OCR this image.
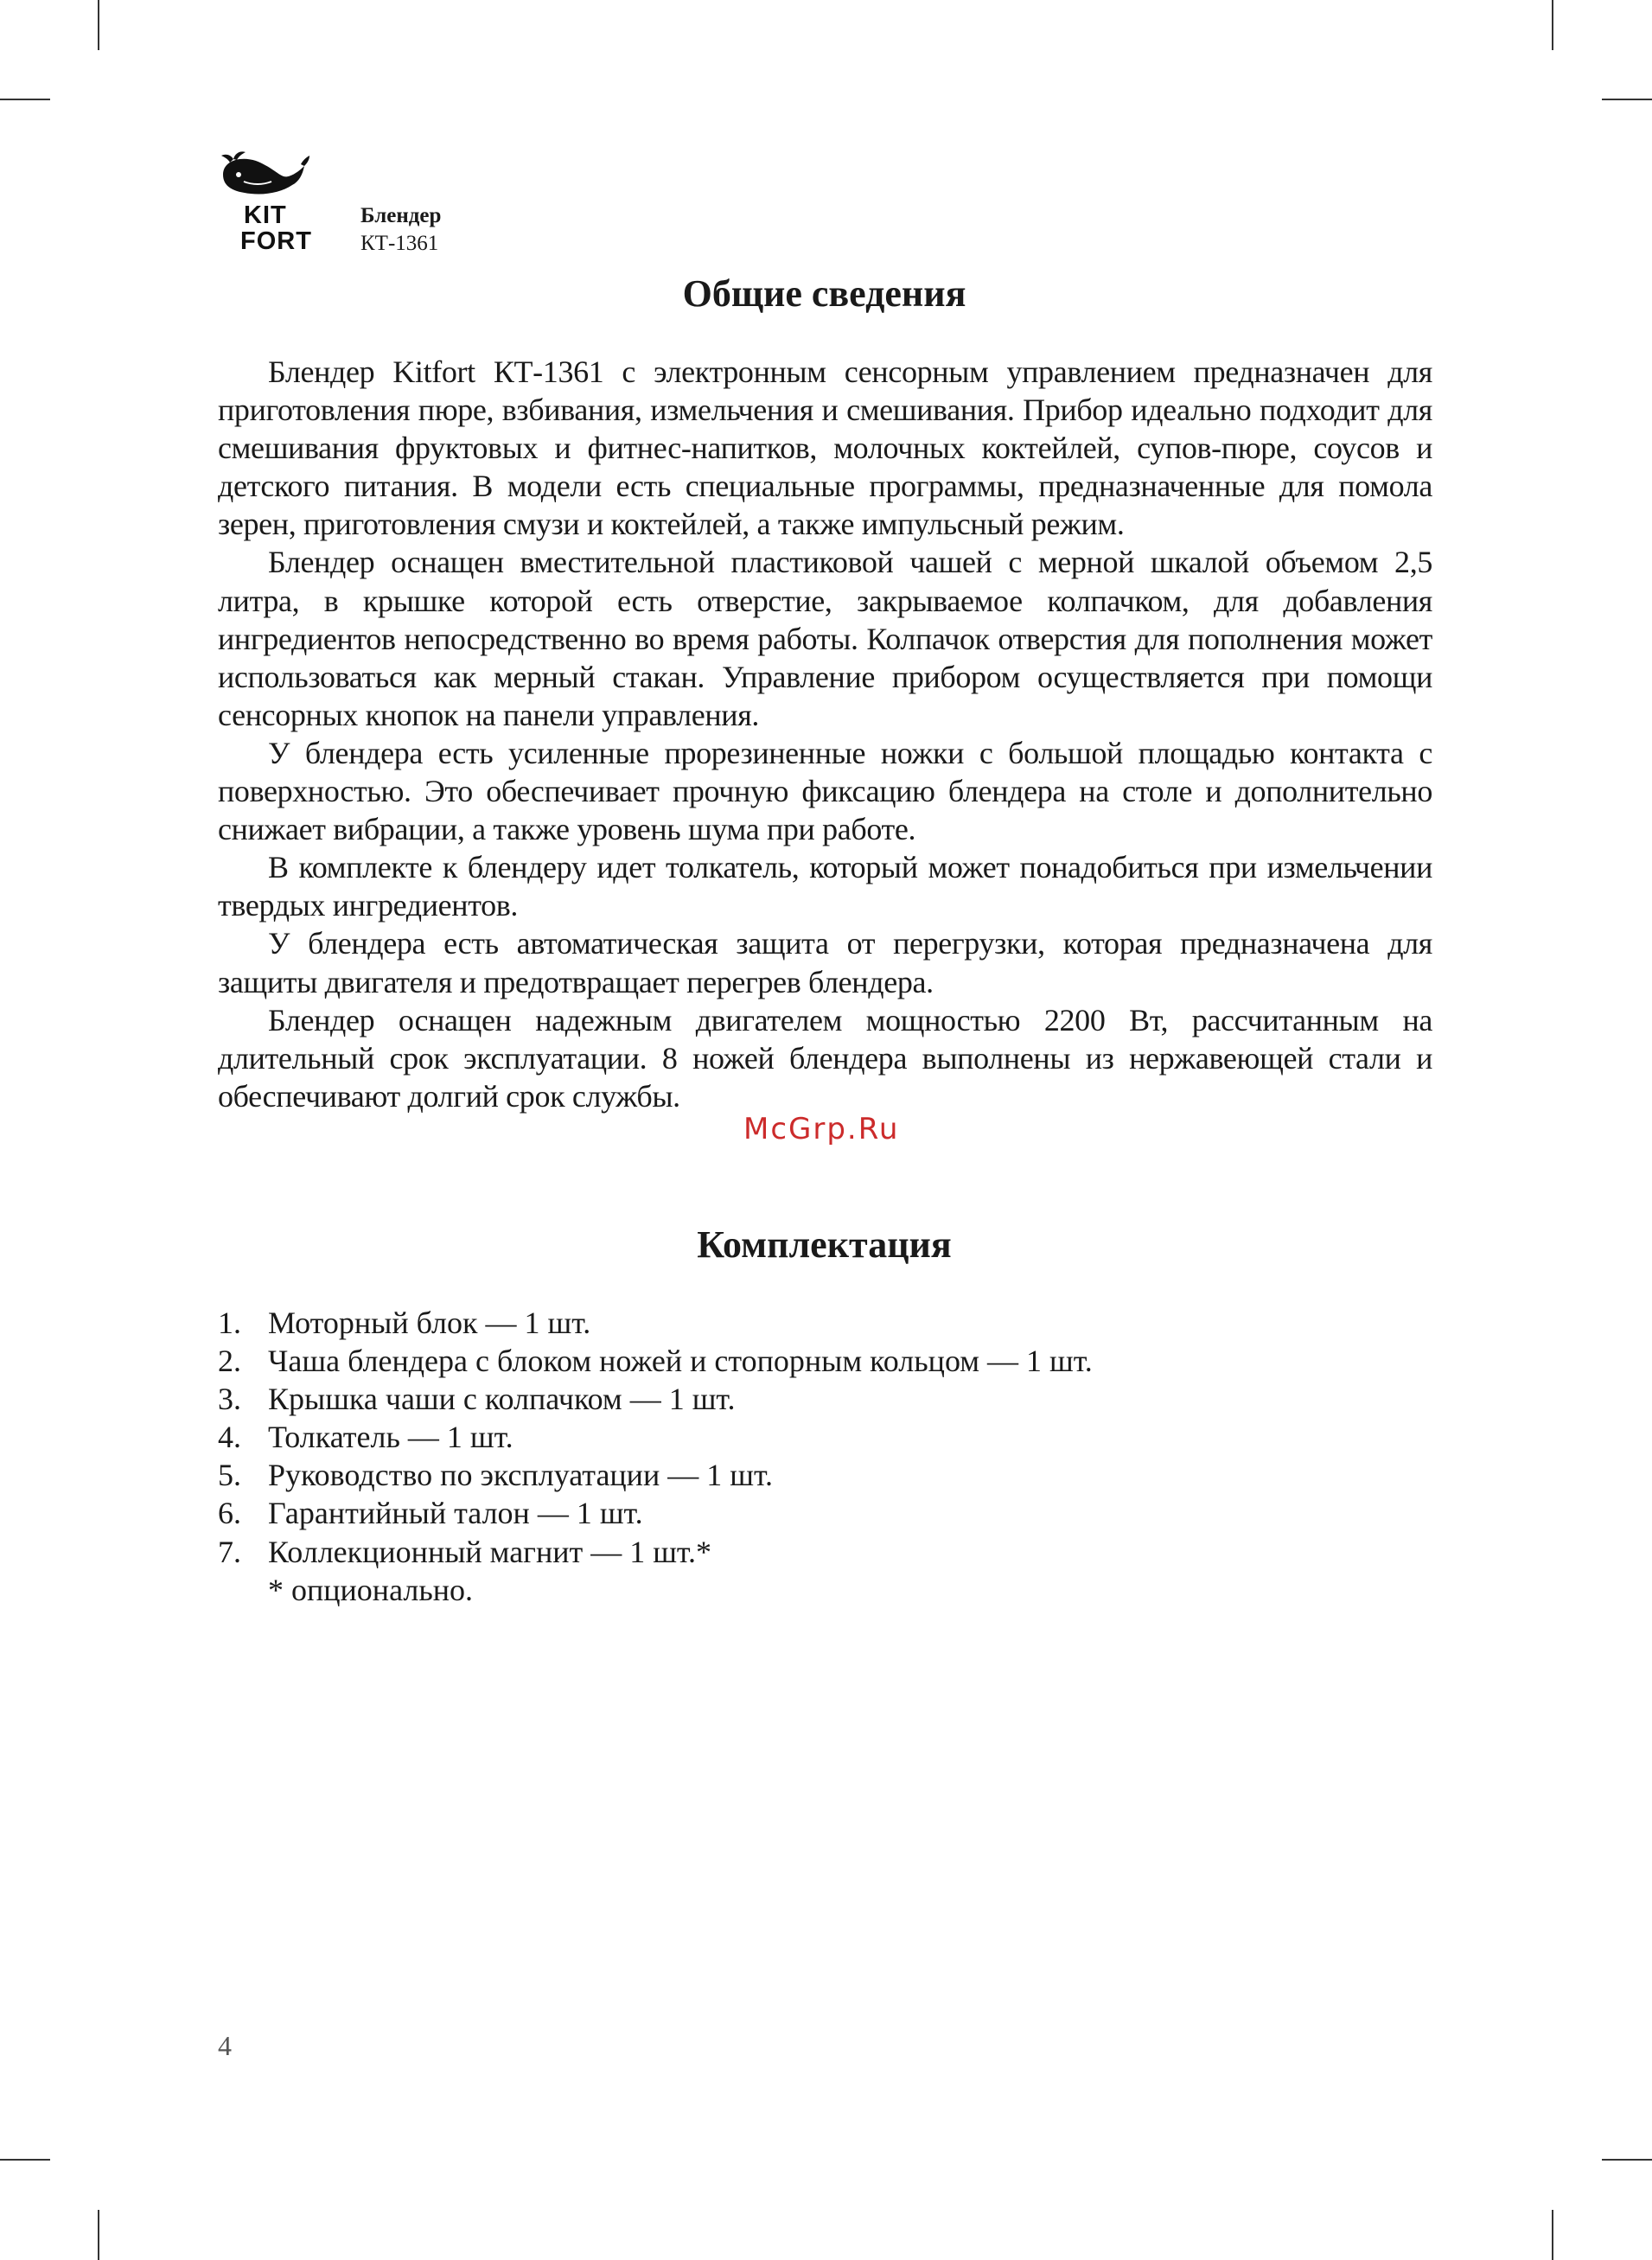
KIT
FORT
Блендер
КТ-1361
Общие сведения

Блендер Kitfort КТ-1361 с электронным сенсорным управлением предназначен для приготовления пюре, взбивания, измельчения и смешивания. Прибор идеально подходит для смешивания фруктовых и фитнес-напитков, молочных коктейлей, супов-пюре, соусов и детского питания. В модели есть специальные программы, предназначенные для помола зерен, приготовления смузи и коктейлей, а также импульсный режим.

Блендер оснащен вместительной пластиковой чашей с мерной шкалой объемом 2,5 литра, в крышке которой есть отверстие, закрываемое колпачком, для добавления ингредиентов непосредственно во время работы. Колпачок отверстия для пополнения может использоваться как мерный стакан. Управление прибором осуществляется при помощи сенсорных кнопок на панели управления.

У блендера есть усиленные прорезиненные ножки с большой площадью контакта с поверхностью. Это обеспечивает прочную фиксацию блендера на столе и дополнительно снижает вибрации, а также уровень шума при работе.

В комплекте к блендеру идет толкатель, который может понадобиться при измельчении твердых ингредиентов.

У блендера есть автоматическая защита от перегрузки, которая предназначена для защиты двигателя и предотвращает перегрев блендера.

Блендер оснащен надежным двигателем мощностью 2200 Вт, рассчитанным на длительный срок эксплуатации. 8 ножей блендера выполнены из нержавеющей стали и обеспечивают долгий срок службы.

McGrp.Ru
Комплектация
1. Моторный блок — 1 шт.
2. Чаша блендера с блоком ножей и стопорным кольцом — 1 шт.
3. Крышка чаши с колпачком — 1 шт.
4. Толкатель — 1 шт.
5. Руководство по эксплуатации — 1 шт.
6. Гарантийный талон — 1 шт.
7. Коллекционный магнит — 1 шт.*
* опционально.
4
